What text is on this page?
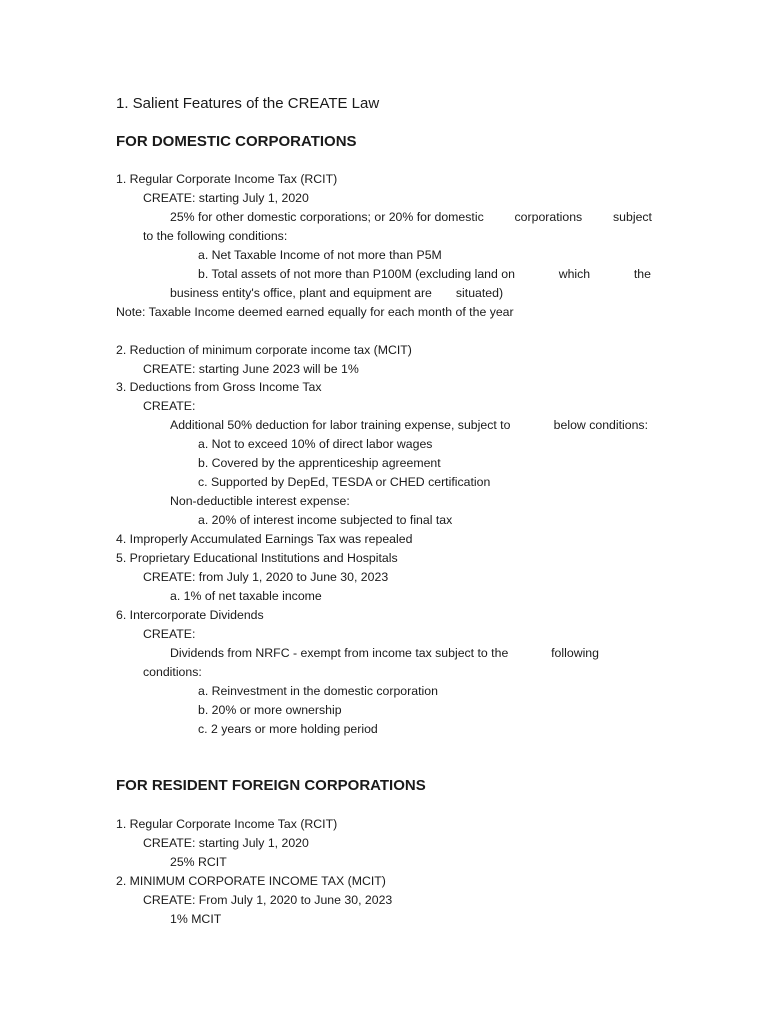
1. Salient Features of the CREATE Law
FOR DOMESTIC CORPORATIONS
1. Regular Corporate Income Tax (RCIT)
CREATE: starting July 1, 2020
25% for other domestic corporations; or 20% for domestic	corporations	subject
to the following conditions:
a. Net Taxable Income of not more than P5M
b. Total assets of not more than P100M (excluding land on	which	the
business entity's office, plant and equipment are situated)
Note: Taxable Income deemed earned equally for each month of the year
2. Reduction of minimum corporate income tax (MCIT)
CREATE: starting June 2023 will be 1%
3. Deductions from Gross Income Tax
CREATE:
Additional 50% deduction for labor training expense, subject to	below conditions:
a. Not to exceed 10% of direct labor wages
b. Covered by the apprenticeship agreement
c. Supported by DepEd, TESDA or CHED certification
Non-deductible interest expense:
a. 20% of interest income subjected to final tax
4. Improperly Accumulated Earnings Tax was repealed
5. Proprietary Educational Institutions and Hospitals
CREATE: from July 1, 2020 to June 30, 2023
a. 1% of net taxable income
6. Intercorporate Dividends
CREATE:
Dividends from NRFC - exempt from income tax subject to the	following
conditions:
a. Reinvestment in the domestic corporation
b. 20% or more ownership
c. 2 years or more holding period
FOR RESIDENT FOREIGN CORPORATIONS
1. Regular Corporate Income Tax (RCIT)
CREATE: starting July 1, 2020
25% RCIT
2. MINIMUM CORPORATE INCOME TAX (MCIT)
CREATE: From July 1, 2020 to June 30, 2023
1% MCIT
